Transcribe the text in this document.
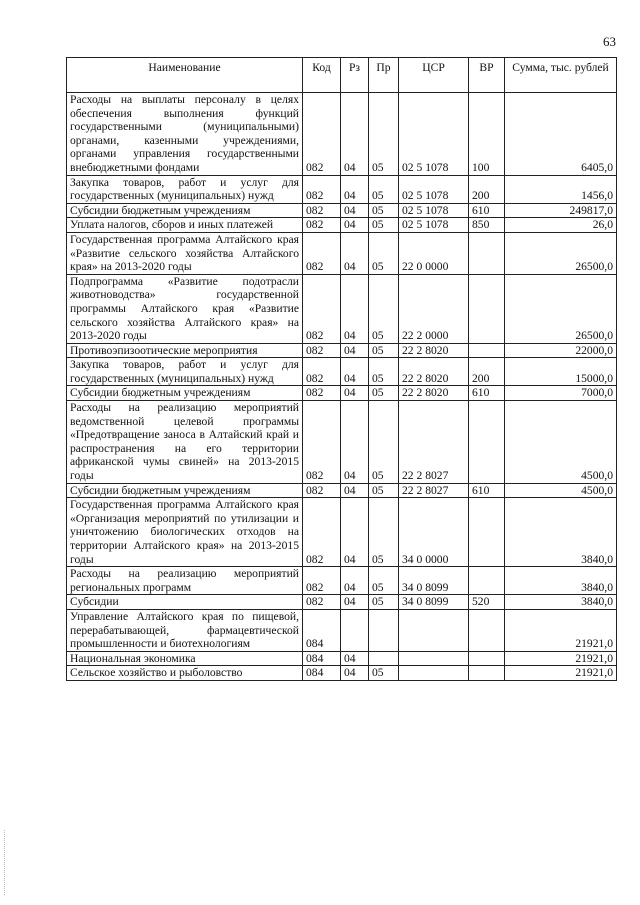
63
Наименование	Код	Рз	Пр	ЦСР	ВР	Сумма, тыс. рублей
Расходы на выплаты персоналу в целях обеспечения выполнения функций государственными (муниципальными) органами, казенными учреждениями, органами управления государственными внебюджетными фондами	082	04	05	02 5 1078	100	6405,0
Закупка товаров, работ и услуг для государственных (муниципальных) нужд	082	04	05	02 5 1078	200	1456,0
Субсидии бюджетным учреждениям	082	04	05	02 5 1078	610	249817,0
Уплата налогов, сборов и иных платежей	082	04	05	02 5 1078	850	26,0
Государственная программа Алтайского края «Развитие сельского хозяйства Алтайского края» на 2013-2020 годы	082	04	05	22 0 0000		26500,0
Подпрограмма «Развитие подотрасли животноводства» государственной программы Алтайского края «Развитие сельского хозяйства Алтайского края» на 2013-2020 годы	082	04	05	22 2 0000		26500,0
Противоэпизоотические мероприятия	082	04	05	22 2 8020		22000,0
Закупка товаров, работ и услуг для государственных (муниципальных) нужд	082	04	05	22 2 8020	200	15000,0
Субсидии бюджетным учреждениям	082	04	05	22 2 8020	610	7000,0
Расходы на реализацию мероприятий ведомственной целевой программы «Предотвращение заноса в Алтайский край и распространения на его территории африканской чумы свиней» на 2013-2015 годы	082	04	05	22 2 8027		4500,0
Субсидии бюджетным учреждениям	082	04	05	22 2 8027	610	4500,0
Государственная программа Алтайского края «Организация мероприятий по утилизации и уничтожению биологических отходов на территории Алтайского края» на 2013-2015 годы	082	04	05	34 0 0000		3840,0
Расходы на реализацию мероприятий региональных программ	082	04	05	34 0 8099		3840,0
Субсидии	082	04	05	34 0 8099	520	3840,0
Управление Алтайского края по пищевой, перерабатывающей, фармацевтической промышленности и биотехнологиям	084					21921,0
Национальная экономика	084	04				21921,0
Сельское хозяйство и рыболовство	084	04	05			21921,0
